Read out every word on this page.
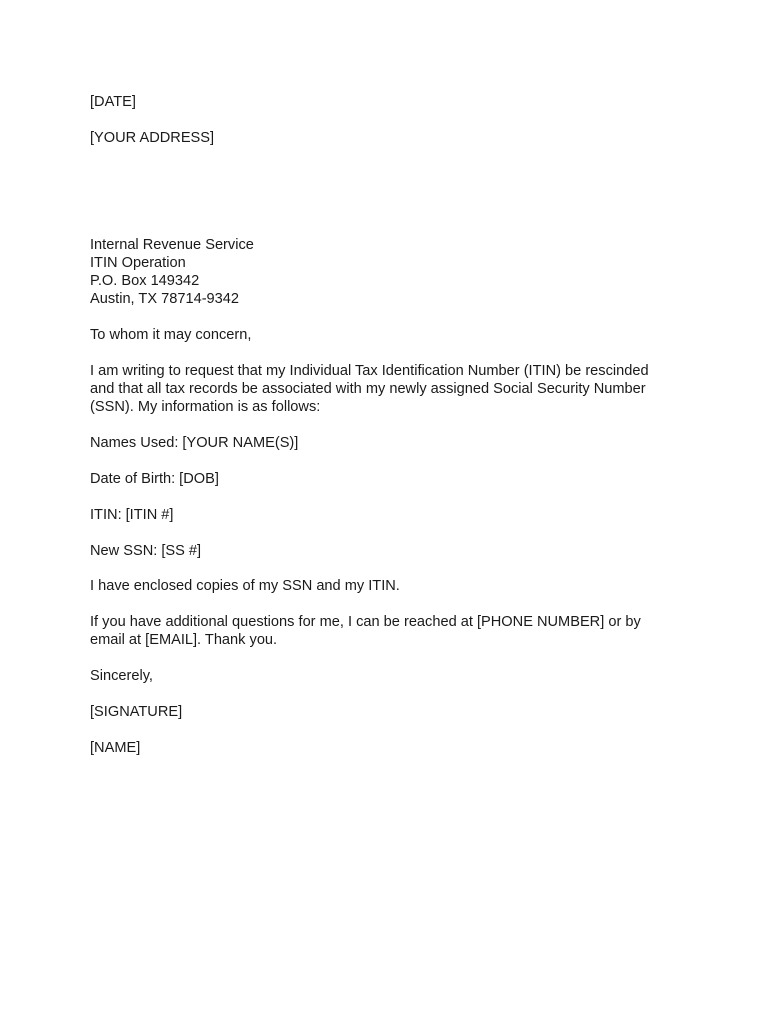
[DATE]
[YOUR ADDRESS]
Internal Revenue Service
ITIN Operation
P.O. Box 149342
Austin, TX 78714-9342
To whom it may concern,
I am writing to request that my Individual Tax Identification Number (ITIN) be rescinded
and that all tax records be associated with my newly assigned Social Security Number
(SSN). My information is as follows:
Names Used: [YOUR NAME(S)]
Date of Birth: [DOB]
ITIN: [ITIN #]
New SSN: [SS #]
I have enclosed copies of my SSN and my ITIN.
If you have additional questions for me, I can be reached at [PHONE NUMBER] or by
email at [EMAIL]. Thank you.
Sincerely,
[SIGNATURE]
[NAME]
